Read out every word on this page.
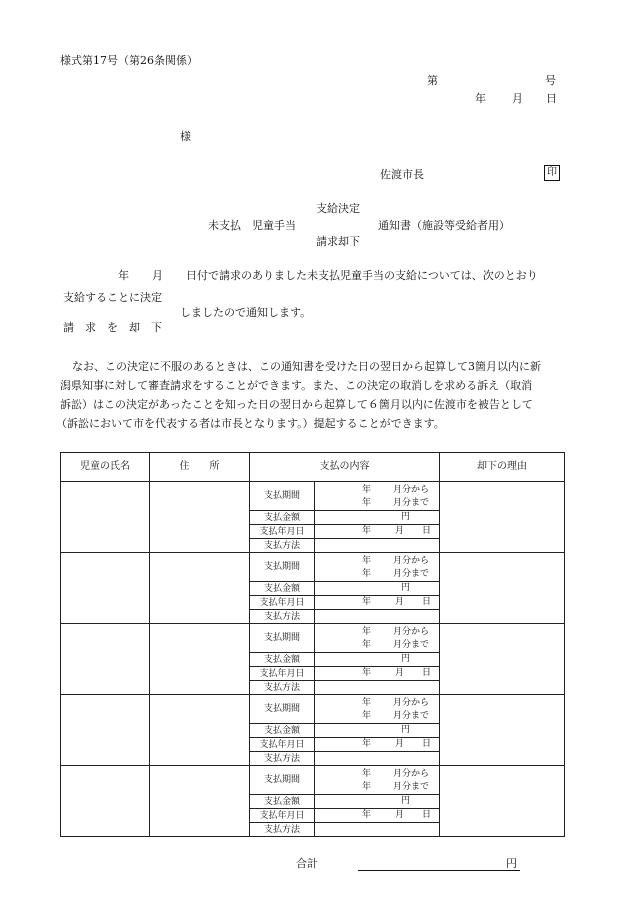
様式第17号（第26条関係）
第	号
年 月 日
様
佐渡市長	印
支給決定
未支払　児童手当	通知書（施設等受給者用）
請求却下
年 月 日付で請求のありました未支払児童手当の支給については、次のとおり
支給することに決定
しましたので通知します。
請　求　を　却　下
なお、この決定に不服のあるときは、この通知書を受けた日の翌日から起算して3箇月以内に新
潟県知事に対して審査請求をすることができます。また、この決定の取消しを求める訴え（取消
訴訟）はこの決定があったことを知った日の翌日から起算して６箇月以内に佐渡市を被告として
（訴訟において市を代表する者は市長となります。）提起することができます。
児童の氏名	住　　所	支払の内容		却下の理由
		支払期間	年 月分から
年 月分まで	

		支払金額	円	

		支払年月日	年 月 日	

		支払方法		
		支払期間	年 月分から
年 月分まで	

		支払金額	円	

		支払年月日	年 月 日	

		支払方法		
		支払期間	年 月分から
年 月分まで	

		支払金額	円	

		支払年月日	年 月 日	

		支払方法		
		支払期間	年 月分から
年 月分まで	

		支払金額	円	

		支払年月日	年 月 日	

		支払方法		
		支払期間	年 月分から
年 月分まで	

		支払金額	円	

		支払年月日	年 月 日	

		支払方法		
合計	円
